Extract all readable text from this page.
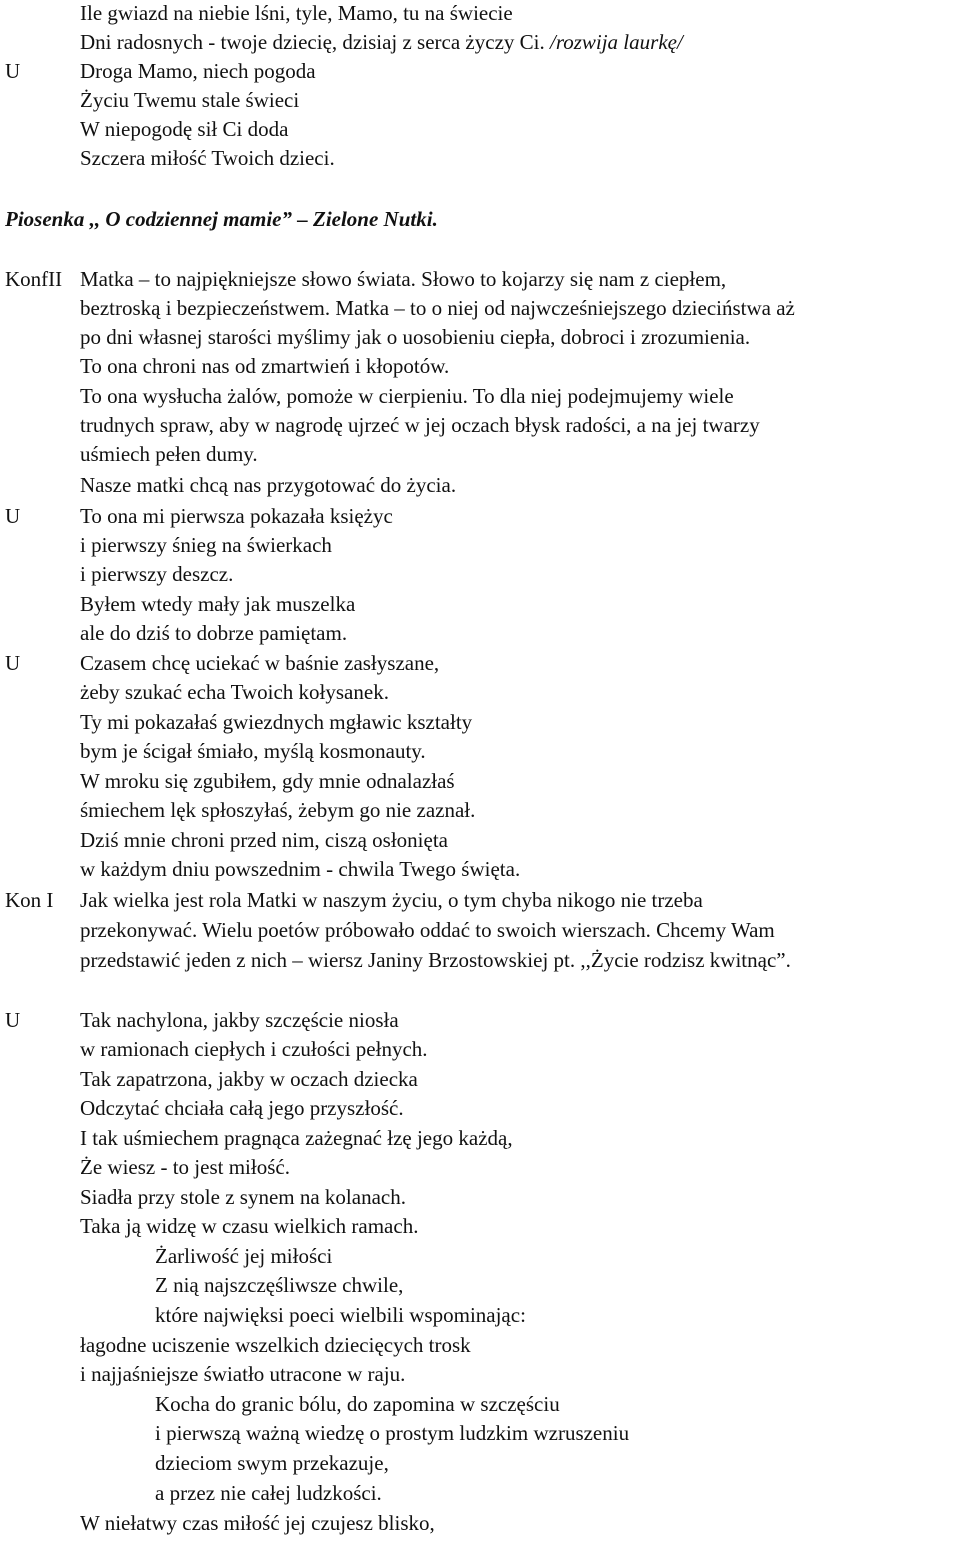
Ile gwiazd na niebie lśni, tyle, Mamo, tu na świecie
Dni radosnych - twoje dziecię, dzisiaj z serca życzy Ci. /rozwija laurkę/
U	Droga Mamo, niech pogoda
Życiu Twemu stale świeci
W niepogodę sił Ci doda
Szczera miłość Twoich dzieci.
Piosenka ,, O codziennej mamie” – Zielone Nutki.
KonfII Matka – to najpiękniejsze słowo świata. Słowo to kojarzy się nam z ciepłem,
beztroską i bezpieczeństwem. Matka – to o niej od najwcześniejszego dzieciństwa aż
po dni własnej starości myślimy jak o uosobieniu ciepła, dobroci i zrozumienia.
To ona chroni nas od zmartwień i kłopotów.
To ona wysłucha żalów, pomoże w cierpieniu. To dla niej podejmujemy wiele
trudnych spraw, aby w nagrodę ujrzeć w jej oczach błysk radości, a na jej twarzy
uśmiech pełen dumy.
Nasze matki chcą nas przygotować do życia.
U	To ona mi pierwsza pokazała księżyc
i pierwszy śnieg na świerkach
i pierwszy deszcz.
Byłem wtedy mały jak muszelka
ale do dziś to dobrze pamiętam.
U	Czasem chcę uciekać w baśnie zasłyszane,
żeby szukać echa Twoich kołysanek.
Ty mi pokazałaś gwiezdnych mgławic kształty
bym je ścigał śmiało, myślą kosmonauty.
W mroku się zgubiłem, gdy mnie odnalazłaś
śmiechem lęk spłoszyłaś, żebym go nie zaznał.
Dziś mnie chroni przed nim, ciszą osłonięta
w każdym dniu powszednim - chwila Twego święta.
Kon I Jak wielka jest rola Matki w naszym życiu, o tym chyba nikogo nie trzeba
przekonywać. Wielu poetów próbowało oddać to swoich wierszach. Chcemy Wam
przedstawić jeden z nich – wiersz Janiny Brzostowskiej pt. ,,Życie rodzisz kwitnąc”.
U	Tak nachylona, jakby szczęście niosła
w ramionach ciepłych i czułości pełnych.
Tak zapatrzona, jakby w oczach dziecka
Odczytać chciała całą jego przyszłość.
I tak uśmiechem pragnąca zażegnać łzę jego każdą,
Że wiesz - to jest miłość.
Siadła przy stole z synem na kolanach.
Taka ją widzę w czasu wielkich ramach.
Żarliwość jej miłości
Z nią najszczęśliwsze chwile,
które najwięksi poeci wielbili wspominając:
łagodne uciszenie wszelkich dziecięcych trosk
i najjaśniejsze światło utracone w raju.
Kocha do granic bólu, do zapomina w szczęściu
i pierwszą ważną wiedzę o prostym ludzkim wzruszeniu
dzieciom swym przekazuje,
a przez nie całej ludzkości.
W niełatwy czas miłość jej czujesz blisko,
